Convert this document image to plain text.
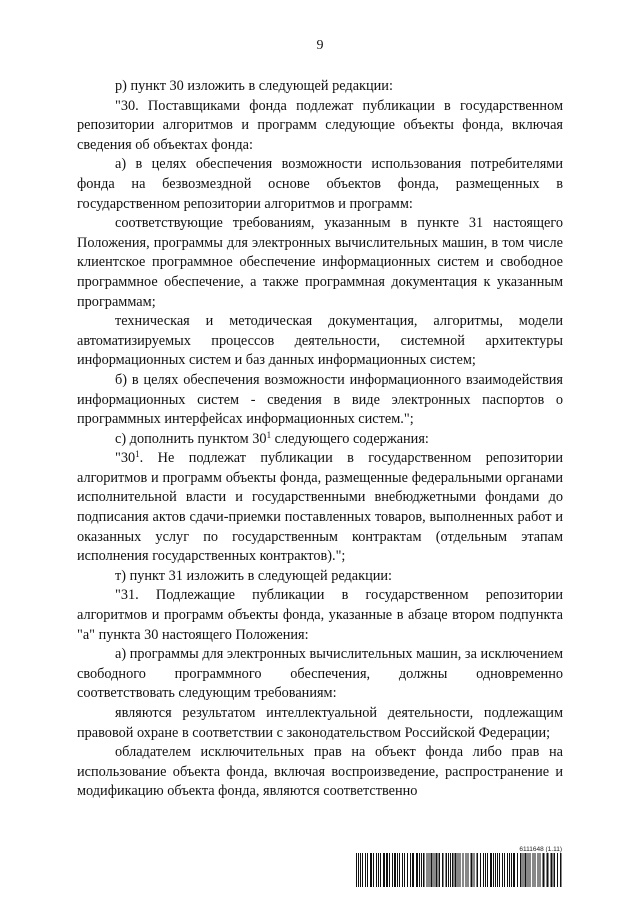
9

р) пункт 30 изложить в следующей редакции:

"30. Поставщиками фонда подлежат публикации в государственном репозитории алгоритмов и программ следующие объекты фонда, включая сведения об объектах фонда:

а) в целях обеспечения возможности использования потребителями фонда на безвозмездной основе объектов фонда, размещенных в государственном репозитории алгоритмов и программ:

соответствующие требованиям, указанным в пункте 31 настоящего Положения, программы для электронных вычислительных машин, в том числе клиентское программное обеспечение информационных систем и свободное программное обеспечение, а также программная документация к указанным программам;

техническая и методическая документация, алгоритмы, модели автоматизируемых процессов деятельности, системной архитектуры информационных систем и баз данных информационных систем;

б) в целях обеспечения возможности информационного взаимодействия информационных систем - сведения в виде электронных паспортов о программных интерфейсах информационных систем.";

с) дополнить пунктом $30^1$ следующего содержания:

"$30^1$. Не подлежат публикации в государственном репозитории алгоритмов и программ объекты фонда, размещенные федеральными органами исполнительной власти и государственными внебюджетными фондами до подписания актов сдачи-приемки поставленных товаров, выполненных работ и оказанных услуг по государственным контрактам (отдельным этапам исполнения государственных контрактов).";

т) пункт 31 изложить в следующей редакции:

"31. Подлежащие публикации в государственном репозитории алгоритмов и программ объекты фонда, указанные в абзаце втором подпункта "а" пункта 30 настоящего Положения:

а) программы для электронных вычислительных машин, за исключением свободного программного обеспечения, должны одновременно соответствовать следующим требованиям:

являются результатом интеллектуальной деятельности, подлежащим правовой охране в соответствии с законодательством Российской Федерации;

обладателем исключительных прав на объект фонда либо прав на использование объекта фонда, включая воспроизведение, распространение и модификацию объекта фонда, являются соответственно

6111648 (1.11)
